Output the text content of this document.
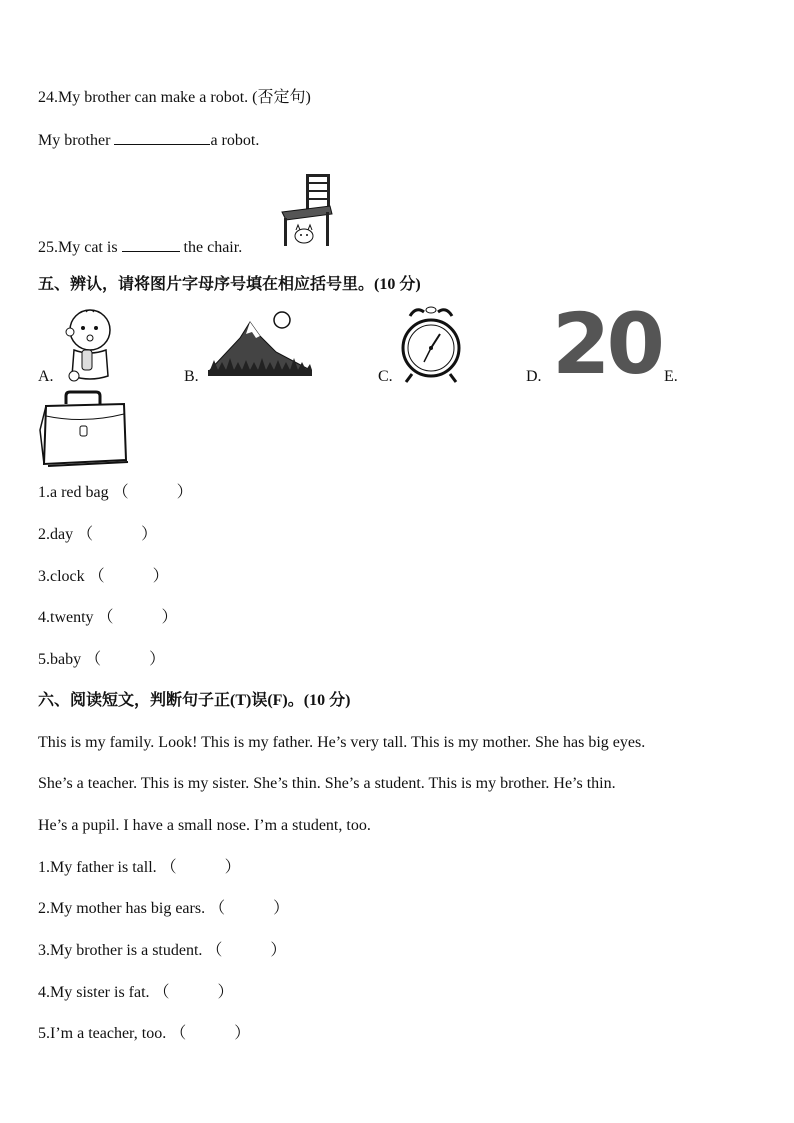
24.My brother can make a robot. (否定句)
My brother	a robot.
25.My cat is	the chair.
五、辨认，请将图片字母序号填在相应括号里。(10 分)
A.	B.	C.	D. 20 E.
1.a red bag （　　　）
2.day （　　　）
3.clock （　　　）
4.twenty （　　　）
5.baby （　　　）
六、阅读短文，判断句子正(T)误(F)。(10 分)
This is my family. Look! This is my father. He’s very tall. This is my mother. She has big eyes.
She’s a teacher. This is my sister. She’s thin. She’s a student. This is my brother. He’s thin.
He’s a pupil. I have a small nose. I’m a student, too.
1.My father is tall. （　　　）
2.My mother has big ears. （　　　）
3.My brother is a student. （　　　）
4.My sister is fat. （　　　）
5.I’m a teacher, too. （　　　）
